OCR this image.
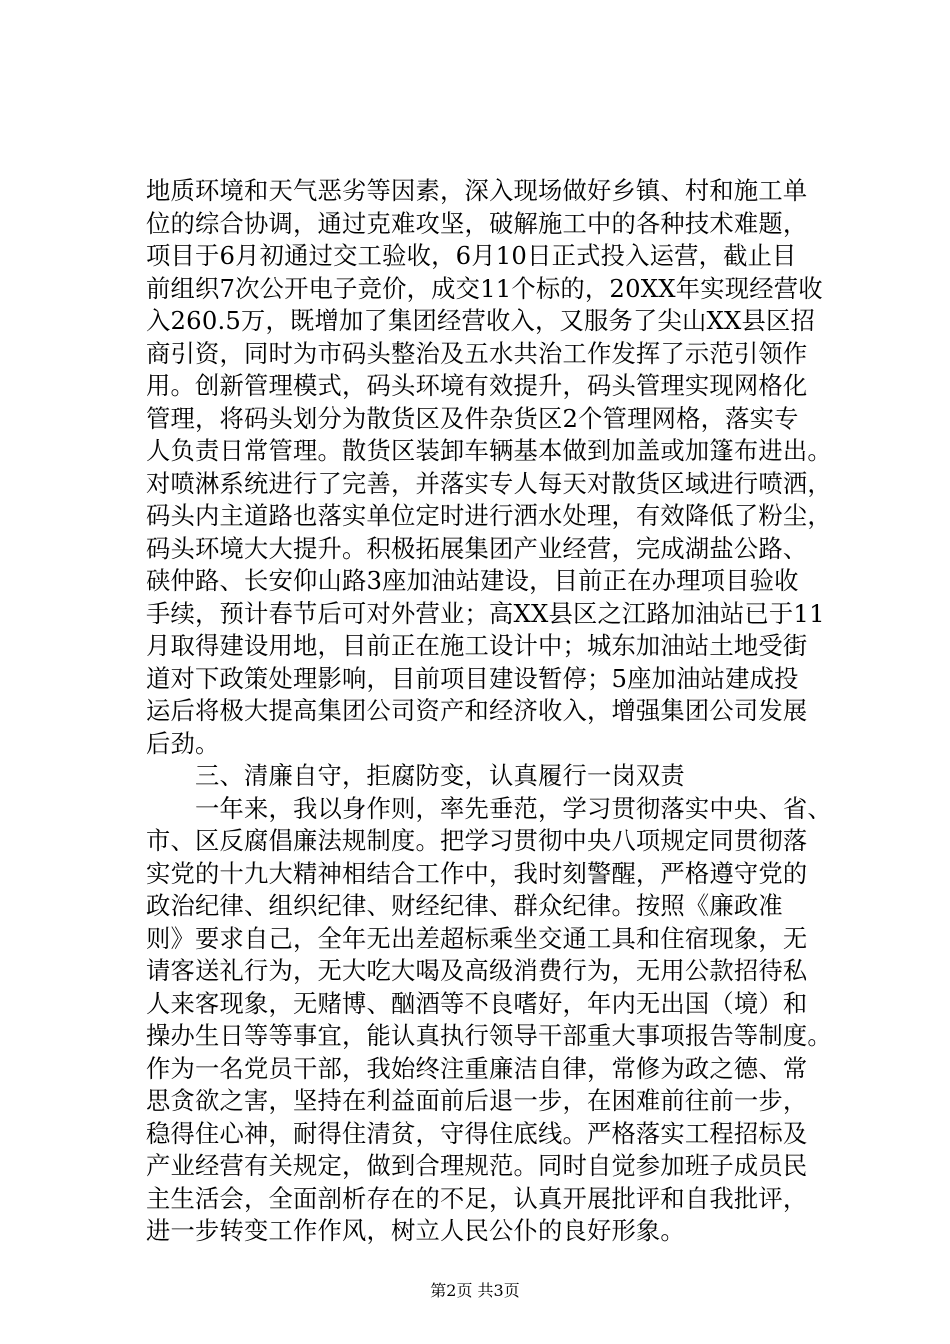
地质环境和天气恶劣等因素，深入现场做好乡镇、村和施工单
位的综合协调，通过克难攻坚，破解施工中的各种技术难题，
项目于6月初通过交工验收，6月10日正式投入运营，截止目
前组织7次公开电子竞价，成交11个标的，20XX年实现经营收
入260.5万，既增加了集团经营收入，又服务了尖山XX县区招
商引资，同时为市码头整治及五水共治工作发挥了示范引领作
用。创新管理模式，码头环境有效提升，码头管理实现网格化
管理，将码头划分为散货区及件杂货区2个管理网格，落实专
人负责日常管理。散货区装卸车辆基本做到加盖或加篷布进出。
对喷淋系统进行了完善，并落实专人每天对散货区域进行喷洒，
码头内主道路也落实单位定时进行洒水处理，有效降低了粉尘，
码头环境大大提升。积极拓展集团产业经营，完成湖盐公路、
硖仲路、长安仰山路3座加油站建设，目前正在办理项目验收
手续，预计春节后可对外营业；高XX县区之江路加油站已于11
月取得建设用地，目前正在施工设计中；城东加油站土地受街
道对下政策处理影响，目前项目建设暂停；5座加油站建成投
运后将极大提高集团公司资产和经济收入，增强集团公司发展
后劲。
　　三、清廉自守，拒腐防变，认真履行一岗双责
　　一年来，我以身作则，率先垂范，学习贯彻落实中央、省、
市、区反腐倡廉法规制度。把学习贯彻中央八项规定同贯彻落
实党的十九大精神相结合工作中，我时刻警醒，严格遵守党的
政治纪律、组织纪律、财经纪律、群众纪律。按照《廉政准
则》要求自己，全年无出差超标乘坐交通工具和住宿现象，无
请客送礼行为，无大吃大喝及高级消费行为，无用公款招待私
人来客现象，无赌博、酗酒等不良嗜好，年内无出国（境）和
操办生日等等事宜，能认真执行领导干部重大事项报告等制度。
作为一名党员干部，我始终注重廉洁自律，常修为政之德、常
思贪欲之害，坚持在利益面前后退一步，在困难前往前一步，
稳得住心神，耐得住清贫，守得住底线。严格落实工程招标及
产业经营有关规定，做到合理规范。同时自觉参加班子成员民
主生活会，全面剖析存在的不足，认真开展批评和自我批评，
进一步转变工作作风，树立人民公仆的良好形象。
第2页 共3页
